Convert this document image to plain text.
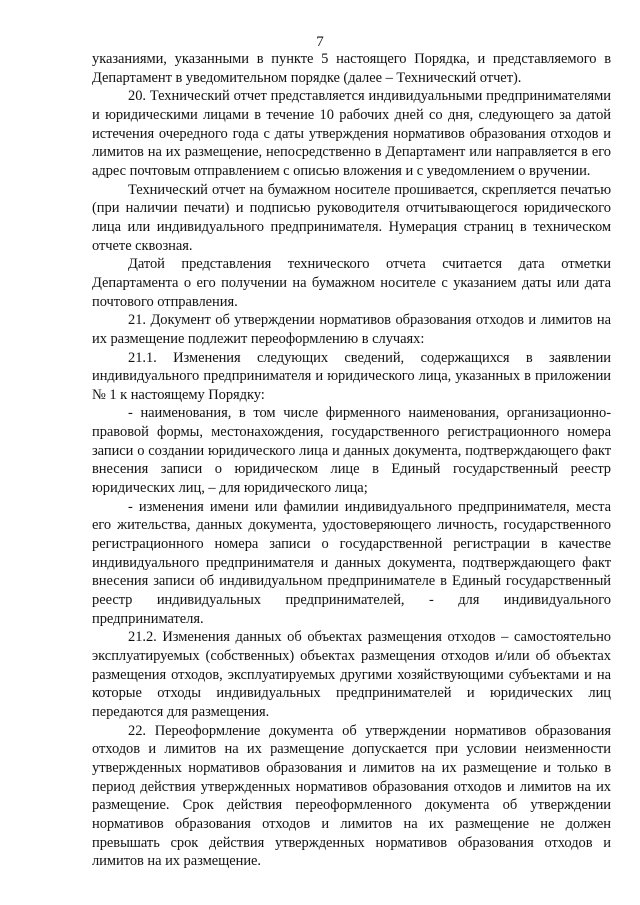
7

указаниями, указанными в пункте 5 настоящего Порядка, и представляемого в Департамент в уведомительном порядке (далее – Технический отчет).

20. Технический отчет представляется индивидуальными предпринимателями и юридическими лицами в течение 10 рабочих дней со дня, следующего за датой истечения очередного года с даты утверждения нормативов образования отходов и лимитов на их размещение, непосредственно в Департамент или направляется в его адрес почтовым отправлением с описью вложения и с уведомлением о вручении.

Технический отчет на бумажном носителе прошивается, скрепляется печатью (при наличии печати) и подписью руководителя отчитывающегося юридического лица или индивидуального предпринимателя. Нумерация страниц в техническом отчете сквозная.

Датой представления технического отчета считается дата отметки Департамента о его получении на бумажном носителе с указанием даты или дата почтового отправления.

21. Документ об утверждении нормативов образования отходов и лимитов на их размещение подлежит переоформлению в случаях:

21.1. Изменения следующих сведений, содержащихся в заявлении индивидуального предпринимателя и юридического лица, указанных в приложении № 1 к настоящему Порядку:

- наименования, в том числе фирменного наименования, организационно-правовой формы, местонахождения, государственного регистрационного номера записи о создании юридического лица и данных документа, подтверждающего факт внесения записи о юридическом лице в Единый государственный реестр юридических лиц, – для юридического лица;

- изменения имени или фамилии индивидуального предпринимателя, места его жительства, данных документа, удостоверяющего личность, государственного регистрационного номера записи о государственной регистрации в качестве индивидуального предпринимателя и данных документа, подтверждающего факт внесения записи об индивидуальном предпринимателе в Единый государственный реестр индивидуальных предпринимателей, - для индивидуального предпринимателя.

21.2. Изменения данных об объектах размещения отходов – самостоятельно эксплуатируемых (собственных) объектах размещения отходов и/или об объектах размещения отходов, эксплуатируемых другими хозяйствующими субъектами и на которые отходы индивидуальных предпринимателей и юридических лиц передаются для размещения.

22. Переоформление документа об утверждении нормативов образования отходов и лимитов на их размещение допускается при условии неизменности утвержденных нормативов образования и лимитов на их размещение и только в период действия утвержденных нормативов образования отходов и лимитов на их размещение. Срок действия переоформленного документа об утверждении нормативов образования отходов и лимитов на их размещение не должен превышать срок действия утвержденных нормативов образования отходов и лимитов на их размещение.
